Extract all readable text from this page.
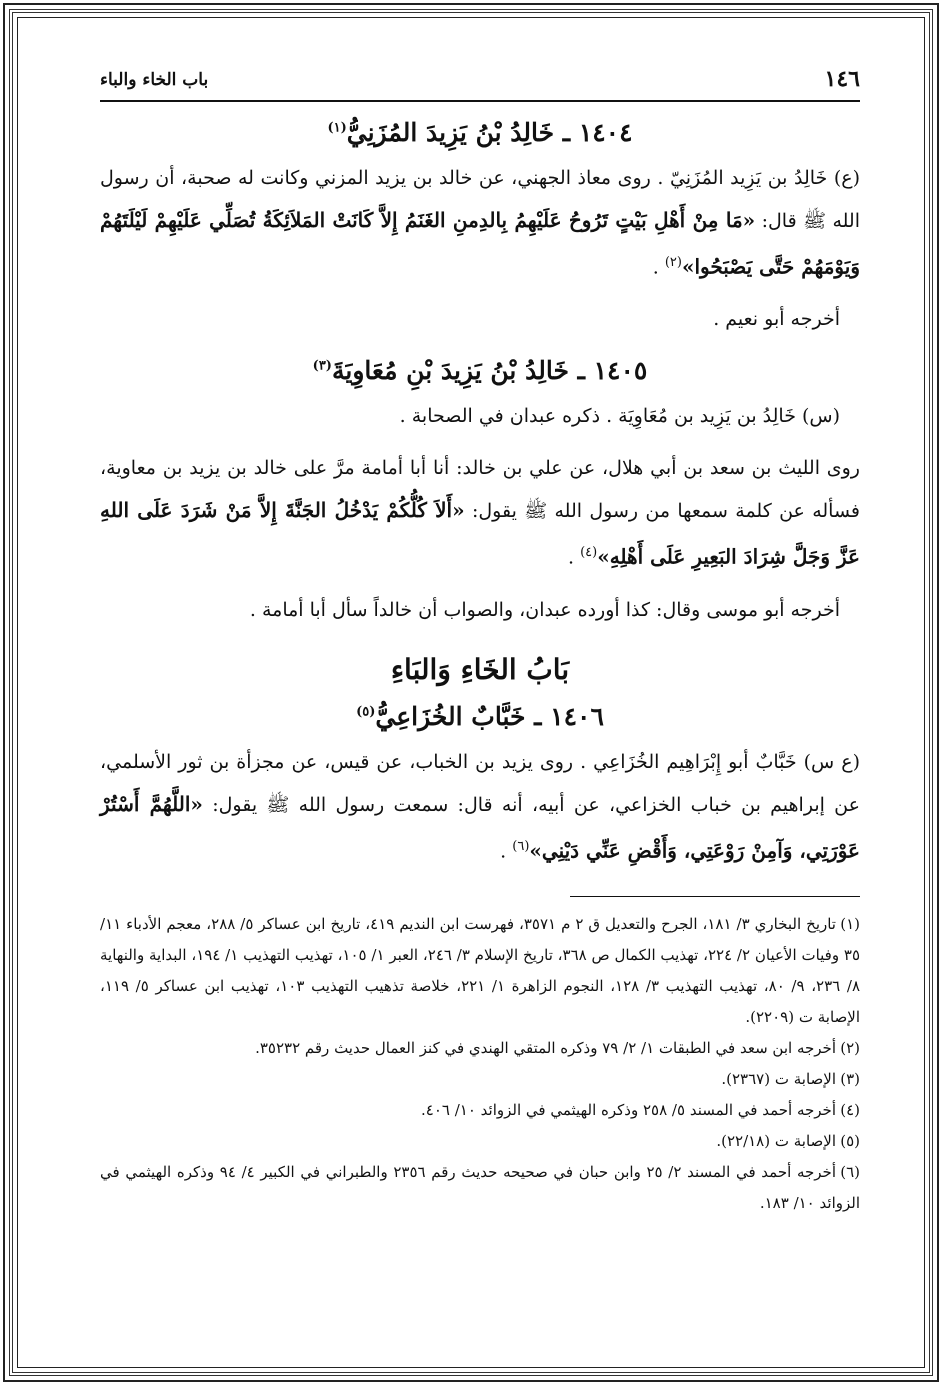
١٤٦
باب الخاء والباء
١٤٠٤ ـ خَالِدُ بْنُ يَزِيدَ المُزَنِيُّ$^{(١)}$

(ع) خَالِدُ بن يَزِيد المُزَنِيّ . روى معاذ الجهني، عن خالد بن يزيد المزني وكانت له صحبة، أن رسول الله ﷺ قال: «مَا مِنْ أَهْلِ بَيْتٍ تَرُوحُ عَلَيْهِمُ بِالدِمنِ الغَنَمُ إِلاَّ كَانَتْ المَلاَئِكَةُ تُصَلِّي عَلَيْهِمْ لَيْلَتَهُمْ وَيَوْمَهُمْ حَتَّى يَصْبَحُوا»$^{(٢)}$ .

أخرجه أبو نعيم .

١٤٠٥ ـ خَالِدُ بْنُ يَزِيدَ بْنِ مُعَاوِيَةَ$^{(٣)}$

(س) خَالِدُ بن يَزِيد بن مُعَاوِيَة . ذكره عبدان في الصحابة .

روى الليث بن سعد بن أبي هلال، عن علي بن خالد: أنا أبا أمامة مرَّ على خالد بن يزيد بن معاوية، فسأله عن كلمة سمعها من رسول الله ﷺ يقول: «أَلاَ كُلُّكُمْ يَدْخُلُ الجَنَّةَ إِلاَّ مَنْ شَرَدَ عَلَى اللهِ عَزَّ وَجَلَّ شِرَادَ البَعِيرِ عَلَى أَهْلِهِ»$^{(٤)}$ .

أخرجه أبو موسى وقال: كذا أورده عبدان، والصواب أن خالداً سأل أبا أمامة .

بَابُ الخَاءِ وَالبَاءِ
١٤٠٦ ـ خَبَّابٌ الخُزَاعِيُّ$^{(٥)}$

(ع س) خَبَّابٌ أبو إِبْرَاهِيم الخُزَاعِي . روى يزيد بن الخباب، عن قيس، عن مجزأة بن ثور الأسلمي، عن إبراهيم بن خباب الخزاعي، عن أبيه، أنه قال: سمعت رسول الله ﷺ يقول: «اللَّهُمَّ أَسْتُرْ عَوْرَتِي، وَآمِنْ رَوْعَتِي، وَأَقْضِ عَنِّي دَيْنِي»$^{(٦)}$ .

(١)تاريخ البخاري ٣/ ١٨١، الجرح والتعديل ق ٢ م ٣٥٧١، فهرست ابن النديم ٤١٩، تاريخ ابن عساكر ٥/ ٢٨٨، معجم الأدباء ١١/ ٣٥ وفيات الأعيان ٢/ ٢٢٤، تهذيب الكمال ص ٣٦٨، تاريخ الإسلام ٣/ ٢٤٦، العبر ١/ ١٠٥، تهذيب التهذيب ١/ ١٩٤، البداية والنهاية ٨/ ٢٣٦، ٩/ ٨٠، تهذيب التهذيب ٣/ ١٢٨، النجوم الزاهرة ١/ ٢٢١، خلاصة تذهيب التهذيب ١٠٣، تهذيب ابن عساكر ٥/ ١١٩، الإصابة ت (٢٢٠٩).

(٢)أخرجه ابن سعد في الطبقات ١/ ٢/ ٧٩ وذكره المتقي الهندي في كنز العمال حديث رقم ٣٥٢٣٢.

(٣)الإصابة ت (٢٣٦٧).

(٤)أخرجه أحمد في المسند ٥/ ٢٥٨ وذكره الهيثمي في الزوائد ١٠/ ٤٠٦.

(٥)الإصابة ت (٢٢/١٨).

(٦)أخرجه أحمد في المسند ٢/ ٢٥ وابن حبان في صحيحه حديث رقم ٢٣٥٦ والطبراني في الكبير ٤/ ٩٤ وذكره الهيثمي في الزوائد ١٠/ ١٨٣.
